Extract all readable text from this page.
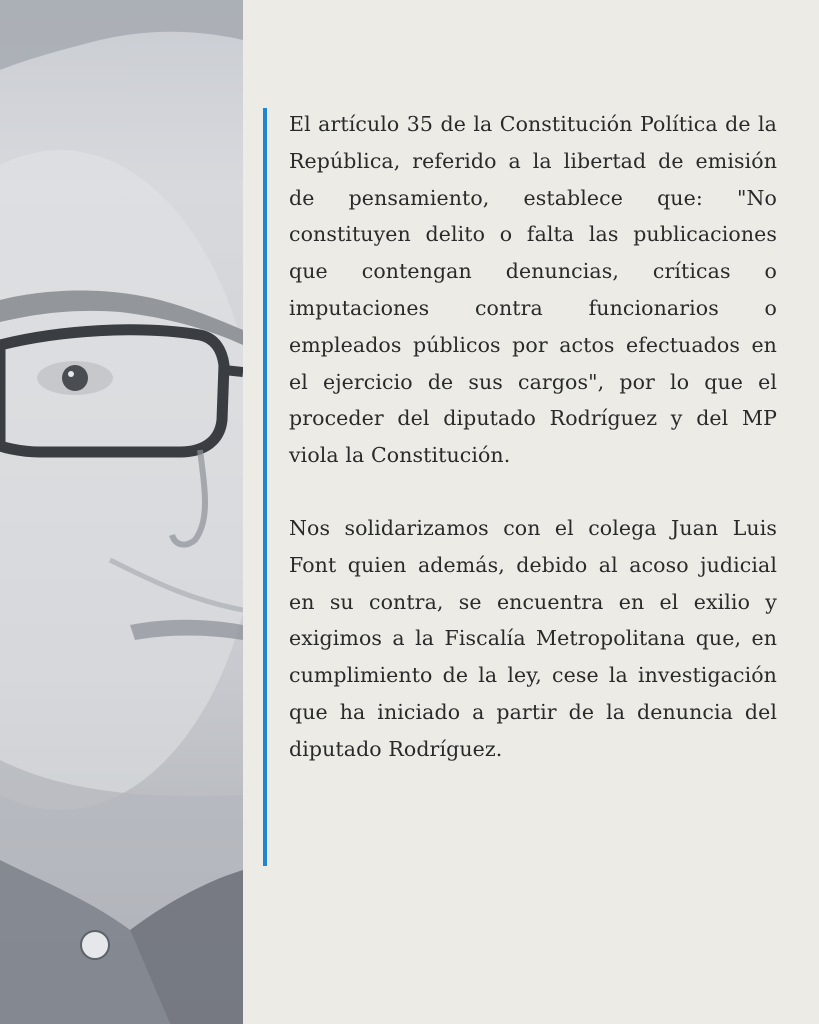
El artículo 35 de la Constitución Política de la República, referido a la libertad de emisión de pensamiento, establece que: "No constituyen delito o falta las publicaciones que contengan denuncias, críticas o imputaciones contra funcionarios o empleados públicos por actos efectuados en el ejercicio de sus cargos", por lo que el proceder del diputado Rodríguez y del MP viola la Constitución.

Nos solidarizamos con el colega Juan Luis Font quien además, debido al acoso judicial en su contra, se encuentra en el exilio y exigimos a la Fiscalía Metropolitana que, en cumplimiento de la ley, cese la investigación que ha iniciado a partir de la denuncia del diputado Rodríguez.
